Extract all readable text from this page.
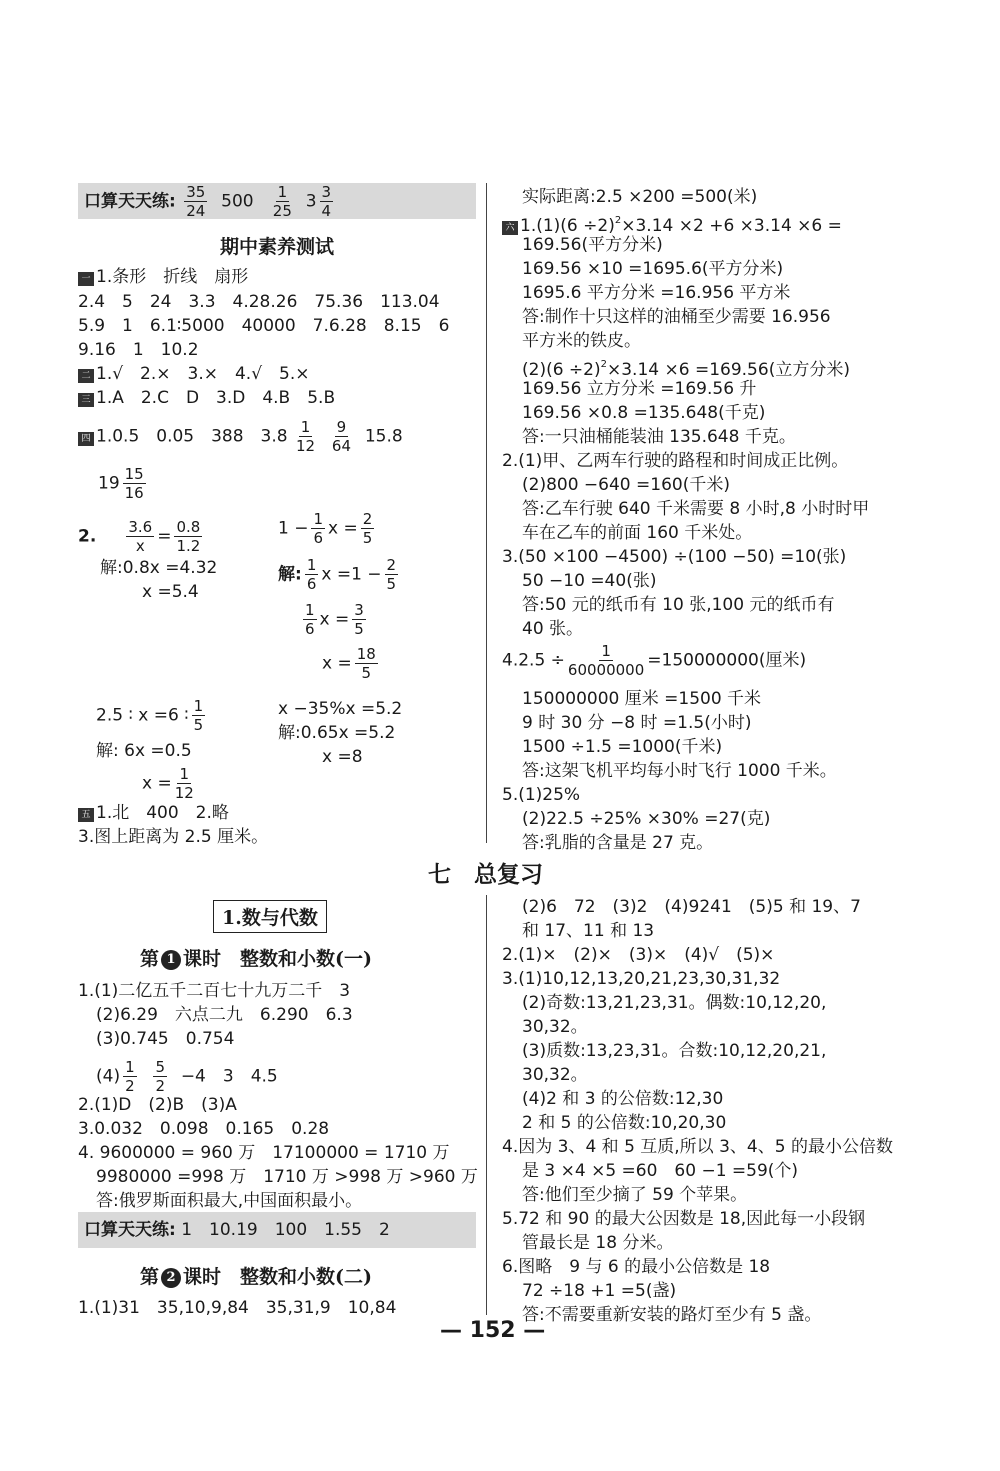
口算天天练: $\frac{35}{24} 500 \frac{1}{25} 3 \frac{3}{4}$
期中素养测试
一 1.条形　折线　扇形
2.4　5　24　3.3　4.28.26　75.36　113.04
5.9　1　6.1∶5000　40000　7.6.28　8.15　6
9.16　1　10.2
二 1.√　2.×　3.×　4.√　5.×
三 1.A　2.C　D　3.D　4.B　5.B
四 1.0.5　0.05　388　$3.8 \frac{1}{12}$
$\frac{9}{64} 15.8$
$19 \frac{15}{16}$
2. $\frac{3.6}{x} = \frac{0.8}{1.2}$
解:0.8x =4.32
x =5.4
$1 - \frac{1}{6}$ $x = \frac{2}{5}$
解: $\frac{1}{6}$ $x =1 - \frac{2}{5}$
$\frac{1}{6}$ $x = \frac{3}{5}$
$x = \frac{18}{5}$
2.5 ∶ x =6 ∶ $\frac{1}{5}$
解: 6x =0.5
$x = \frac{1}{12}$
x −35%x =5.2
解:0.65x =5.2
x =8
五 1.北　400　2.略
3.图上距离为 2.5 厘米。
实际距离:2.5 ×200 =500(米)
六 $1.(1)(6 \div 2)^2\times 3.14 \times 2 +6 \times 3.14 \times 6$ =
169.56(平方分米)
169.56 ×10 =1695.6(平方分米)
1695.6 平方分米 =16.956 平方米
答:制作十只这样的油桶至少需要 16.956
平方米的铁皮。
$(2)(6 \div 2)^2\times 3.14 \times 6 =169.56$(立方分米)
169.56 立方分米 =169.56 升
169.56 ×0.8 =135.648(千克)
答:一只油桶能装油 135.648 千克。
2.(1)甲、乙两车行驶的路程和时间成正比例。
(2)800 −640 =160(千米)
答:乙车行驶 640 千米需要 8 小时,8 小时时甲
车在乙车的前面 160 千米处。
3.(50 ×100 −4500) ÷(100 −50) =10(张)
50 −10 =40(张)
答:50 元的纸币有 10 张,100 元的纸币有
40 张。
$4.2.5 \div \frac{1}{60000000} =150000000$(厘米)
150000000 厘米 =1500 千米
9 时 30 分 −8 时 =1.5(小时)
1500 ÷1.5 =1000(千米)
答:这架飞机平均每小时飞行 1000 千米。
5.(1)25%
(2)22.5 ÷25% ×30% =27(克)
答:乳脂的含量是 27 克。
七　总复习
1.数与代数
第 1 课时　整数和小数(一)
1.(1)二亿五千二百七十九万二千　3
(2)6.29　六点二九　6.290　6.3
(3)0.745　0.754
$(4) \frac{1}{2}$
$\frac{5}{2} -4$　3　4.5
2.(1)D　(2)B　(3)A
3.0.032　0.098　0.165　0.28
4. 9600000 = 960 万　17100000 = 1710 万
9980000 =998 万　1710 万 >998 万 >960 万
答:俄罗斯面积最大,中国面积最小。
口算天天练: 1　10.19　100　1.55　2
第 2 课时　整数和小数(二)
1.(1)31　35,10,9,84　35,31,9　10,84
(2)6　72　(3)2　(4)9241　(5)5 和 19、7
和 17、11 和 13
2.(1)×　(2)×　(3)×　(4)√　(5)×
3.(1)10,12,13,20,21,23,30,31,32
(2)奇数:13,21,23,31。偶数:10,12,20,
30,32。
(3)质数:13,23,31。合数:10,12,20,21,
30,32。
(4)2 和 3 的公倍数:12,30
2 和 5 的公倍数:10,20,30
4.因为 3、4 和 5 互质,所以 3、4、5 的最小公倍数
是 3 ×4 ×5 =60　60 −1 =59(个)
答:他们至少摘了 59 个苹果。
5.72 和 90 的最大公因数是 18,因此每一小段钢
管最长是 18 分米。
6.图略　9 与 6 的最小公倍数是 18
72 ÷18 +1 =5(盏)
答:不需要重新安装的路灯至少有 5 盏。
— 152 —
